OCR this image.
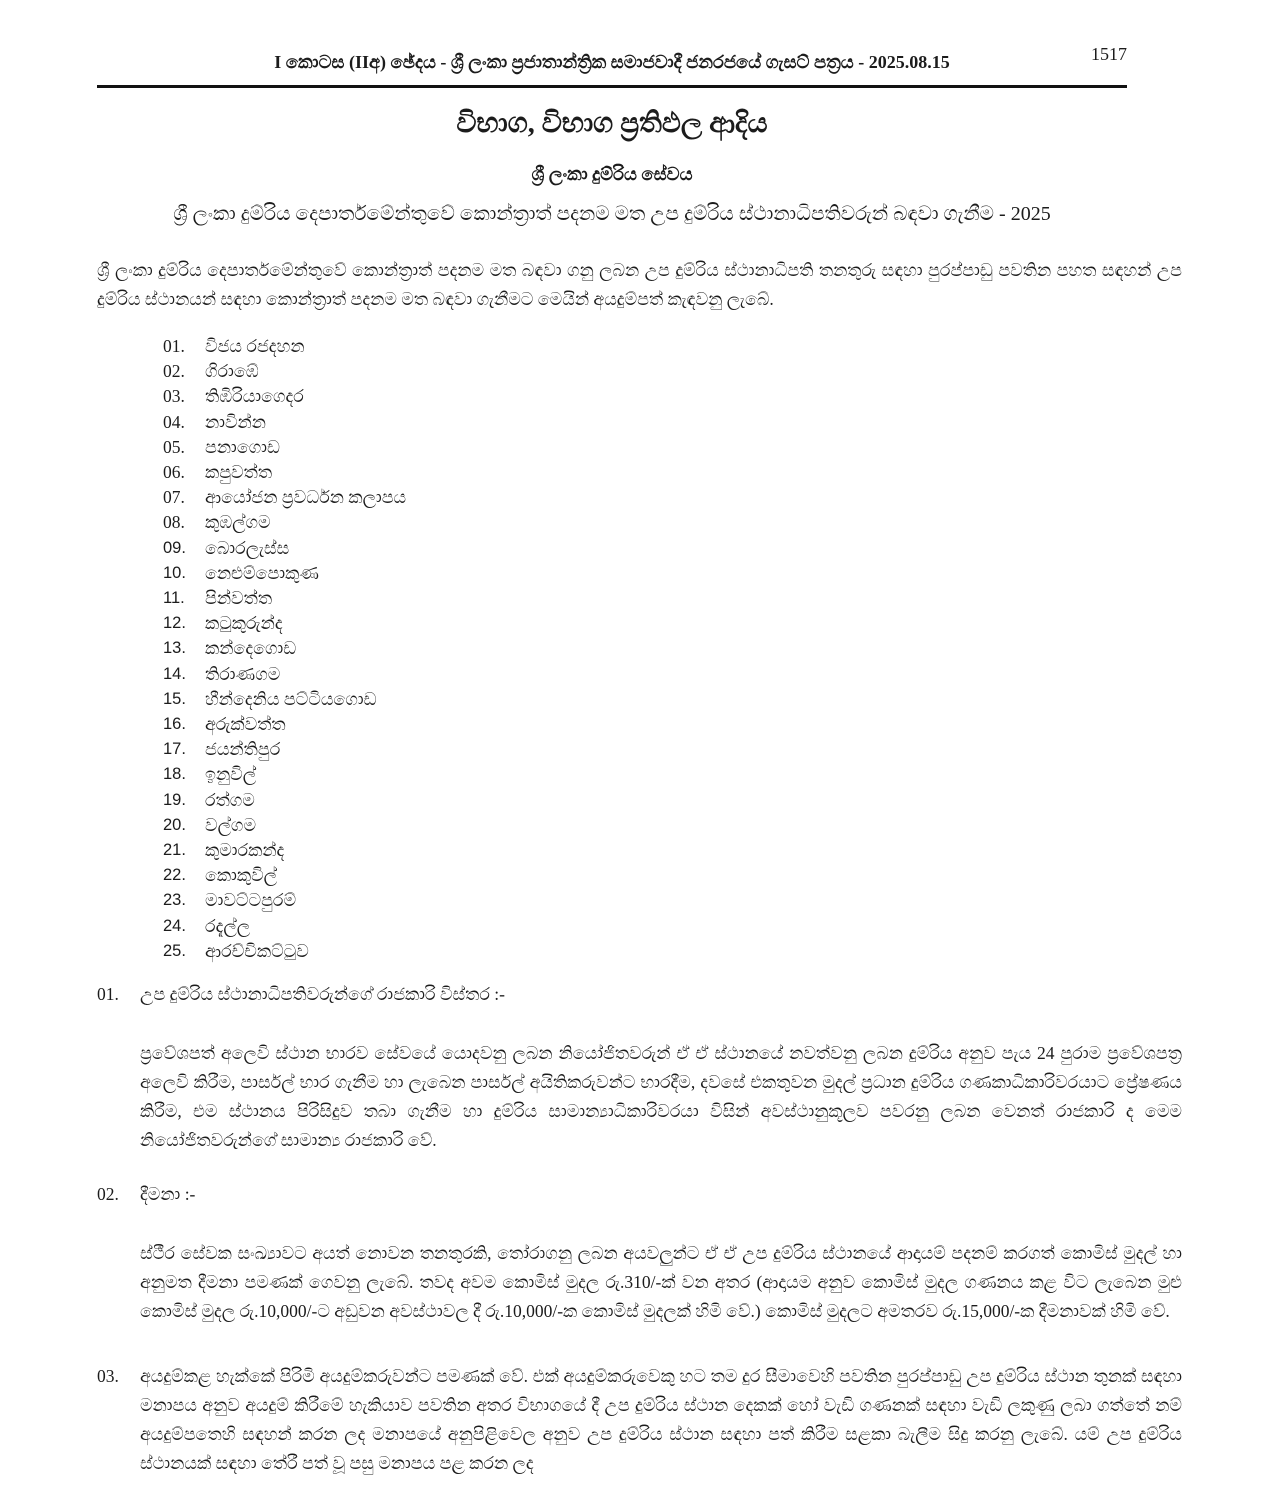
I කොටස (IIඅ) ඡේදය - ශ්‍රී ලංකා ප්‍රජාතාන්ත්‍රික සමාජවාදී ජනරජයේ ගැසට් පත්‍රය - 2025.08.15	1517
විභාග, විභාග ප්‍රතිඵල ආදිය
ශ්‍රී ලංකා දුම්රිය සේවය
ශ්‍රී ලංකා දුම්රිය දෙපාර්තමේන්තුවේ කොන්ත්‍රාත් පදනම මත උප දුම්රිය ස්ථානාධිපතිවරුන් බඳවා ගැනීම - 2025
ශ්‍රී ලංකා දුම්රිය දෙපාර්තමේන්තුවේ කොන්ත්‍රාත් පදනම මත බඳවා ගනු ලබන උප දුම්රිය ස්ථානාධිපති තනතුරු සඳහා පුරප්පාඩු පවතින පහත සඳහන් උප දුම්රිය ස්ථානයන් සඳහා කොන්ත්‍රාත් පදනම මත බඳවා ගැනීමට මෙයින් අයදුම්පත් කැඳවනු ලැබේ.
01.	විජය රජදහන
02.	ගිරාඹේ
03.	තිඹිරියාගෙදර
04.	නාවින්න
05.	පනාගොඩ
06.	කපුවත්ත
07.	ආයෝජන ප්‍රවර්ධන කලාපය
08.	කුඹල්ගම
09.	බොරලැස්ස
10.	නෙළුම්පොකුණ
11.	පින්වත්ත
12.	කටුකුරුන්ද
13.	කන්දෙගොඩ
14.	තිරාණගම
15.	හීන්දෙනිය පට්ටියගොඩ
16.	අරුක්වත්ත
17.	ජයන්තිපුර
18.	ඉනුවිල්
19.	රත්ගම
20.	වල්ගම
21.	කුමාරකන්ද
22.	කොකුවිල්
23.	මාවට්ටපුරම්
24.	රදැල්ල
25.	ආරච්චිකට්ටුව
01.	උප දුම්රිය ස්ථානාධිපතිවරුන්ගේ රාජකාරි විස්තර :-
ප්‍රවේශපත් අලෙවි ස්ථාන භාරව සේවයේ යොදවනු ලබන නියෝජිතවරුන් ඒ ඒ ස්ථානයේ නවත්වනු ලබන දුම්රිය අනුව පැය 24 පුරාම ප්‍රවේශපත්‍ර අලෙවි කිරීම, පාර්සල් භාර ගැනීම හා ලැබෙන පාර්සල් අයිතිකරුවන්ට භාරදීම, දවසේ එකතුවන මුදල් ප්‍රධාන දුම්රිය ගණකාධිකාරිවරයාට ප්‍රේෂණය කිරීම, එම ස්ථානය පිරිසිදුව තබා ගැනීම හා දුම්රිය සාමාන්‍යාධිකාරිවරයා විසින් අවස්ථානුකූලව පවරනු ලබන වෙනත් රාජකාරි ද මෙම නියෝජිතවරුන්ගේ සාමාන්‍ය රාජකාරි වේ.
02.	දීමනා :-
ස්ථීර සේවක සංඛ්‍යාවට අයත් නොවන තනතුරකි, තෝරාගනු ලබන අයවලුන්ට ඒ ඒ උප දුම්රිය ස්ථානයේ ආදායම් පදනම් කරගත් කොමිස් මුදල් හා අනුමත දීමනා පමණක් ගෙවනු ලැබේ. තවද අවම කොමිස් මුදල රු.310/-ක් වන අතර (ආදායම අනුව කොමිස් මුදල ගණනය කළ විට ලැබෙන මුළු කොමිස් මුදල රු.10,000/-ට අඩුවන අවස්ථාවල දී රු.10,000/-ක කොමිස් මුදලක් හිමි වේ.) කොමිස් මුදලට අමතරව රු.15,000/-ක දීමනාවක් හිමි වේ.
03.	අයදුම්කළ හැක්කේ පිරිමි අයදුම්කරුවන්ට පමණක් වේ. එක් අයදුම්කරුවෙකු හට තම දුර සීමාවෙහි පවතින පුරප්පාඩු උප දුම්රිය ස්ථාන තුනක් සඳහා මනාපය අනුව අයදුම් කිරීමේ හැකියාව පවතින අතර විභාගයේ දී උප දුම්රිය ස්ථාන දෙකක් හෝ වැඩි ගණනක් සඳහා වැඩි ලකුණු ලබා ගත්තේ නම් අයදුම්පතෙහි සඳහන් කරන ලද මනාපයේ අනුපිළිවෙල අනුව උප දුම්රිය ස්ථාන සඳහා පත් කිරීම සළකා බැලීම සිදු කරනු ලැබේ. යම් උප දුම්රිය ස්ථානයක් සඳහා තේරී පත් වූ පසු මනාපය පළ කරන ලද
